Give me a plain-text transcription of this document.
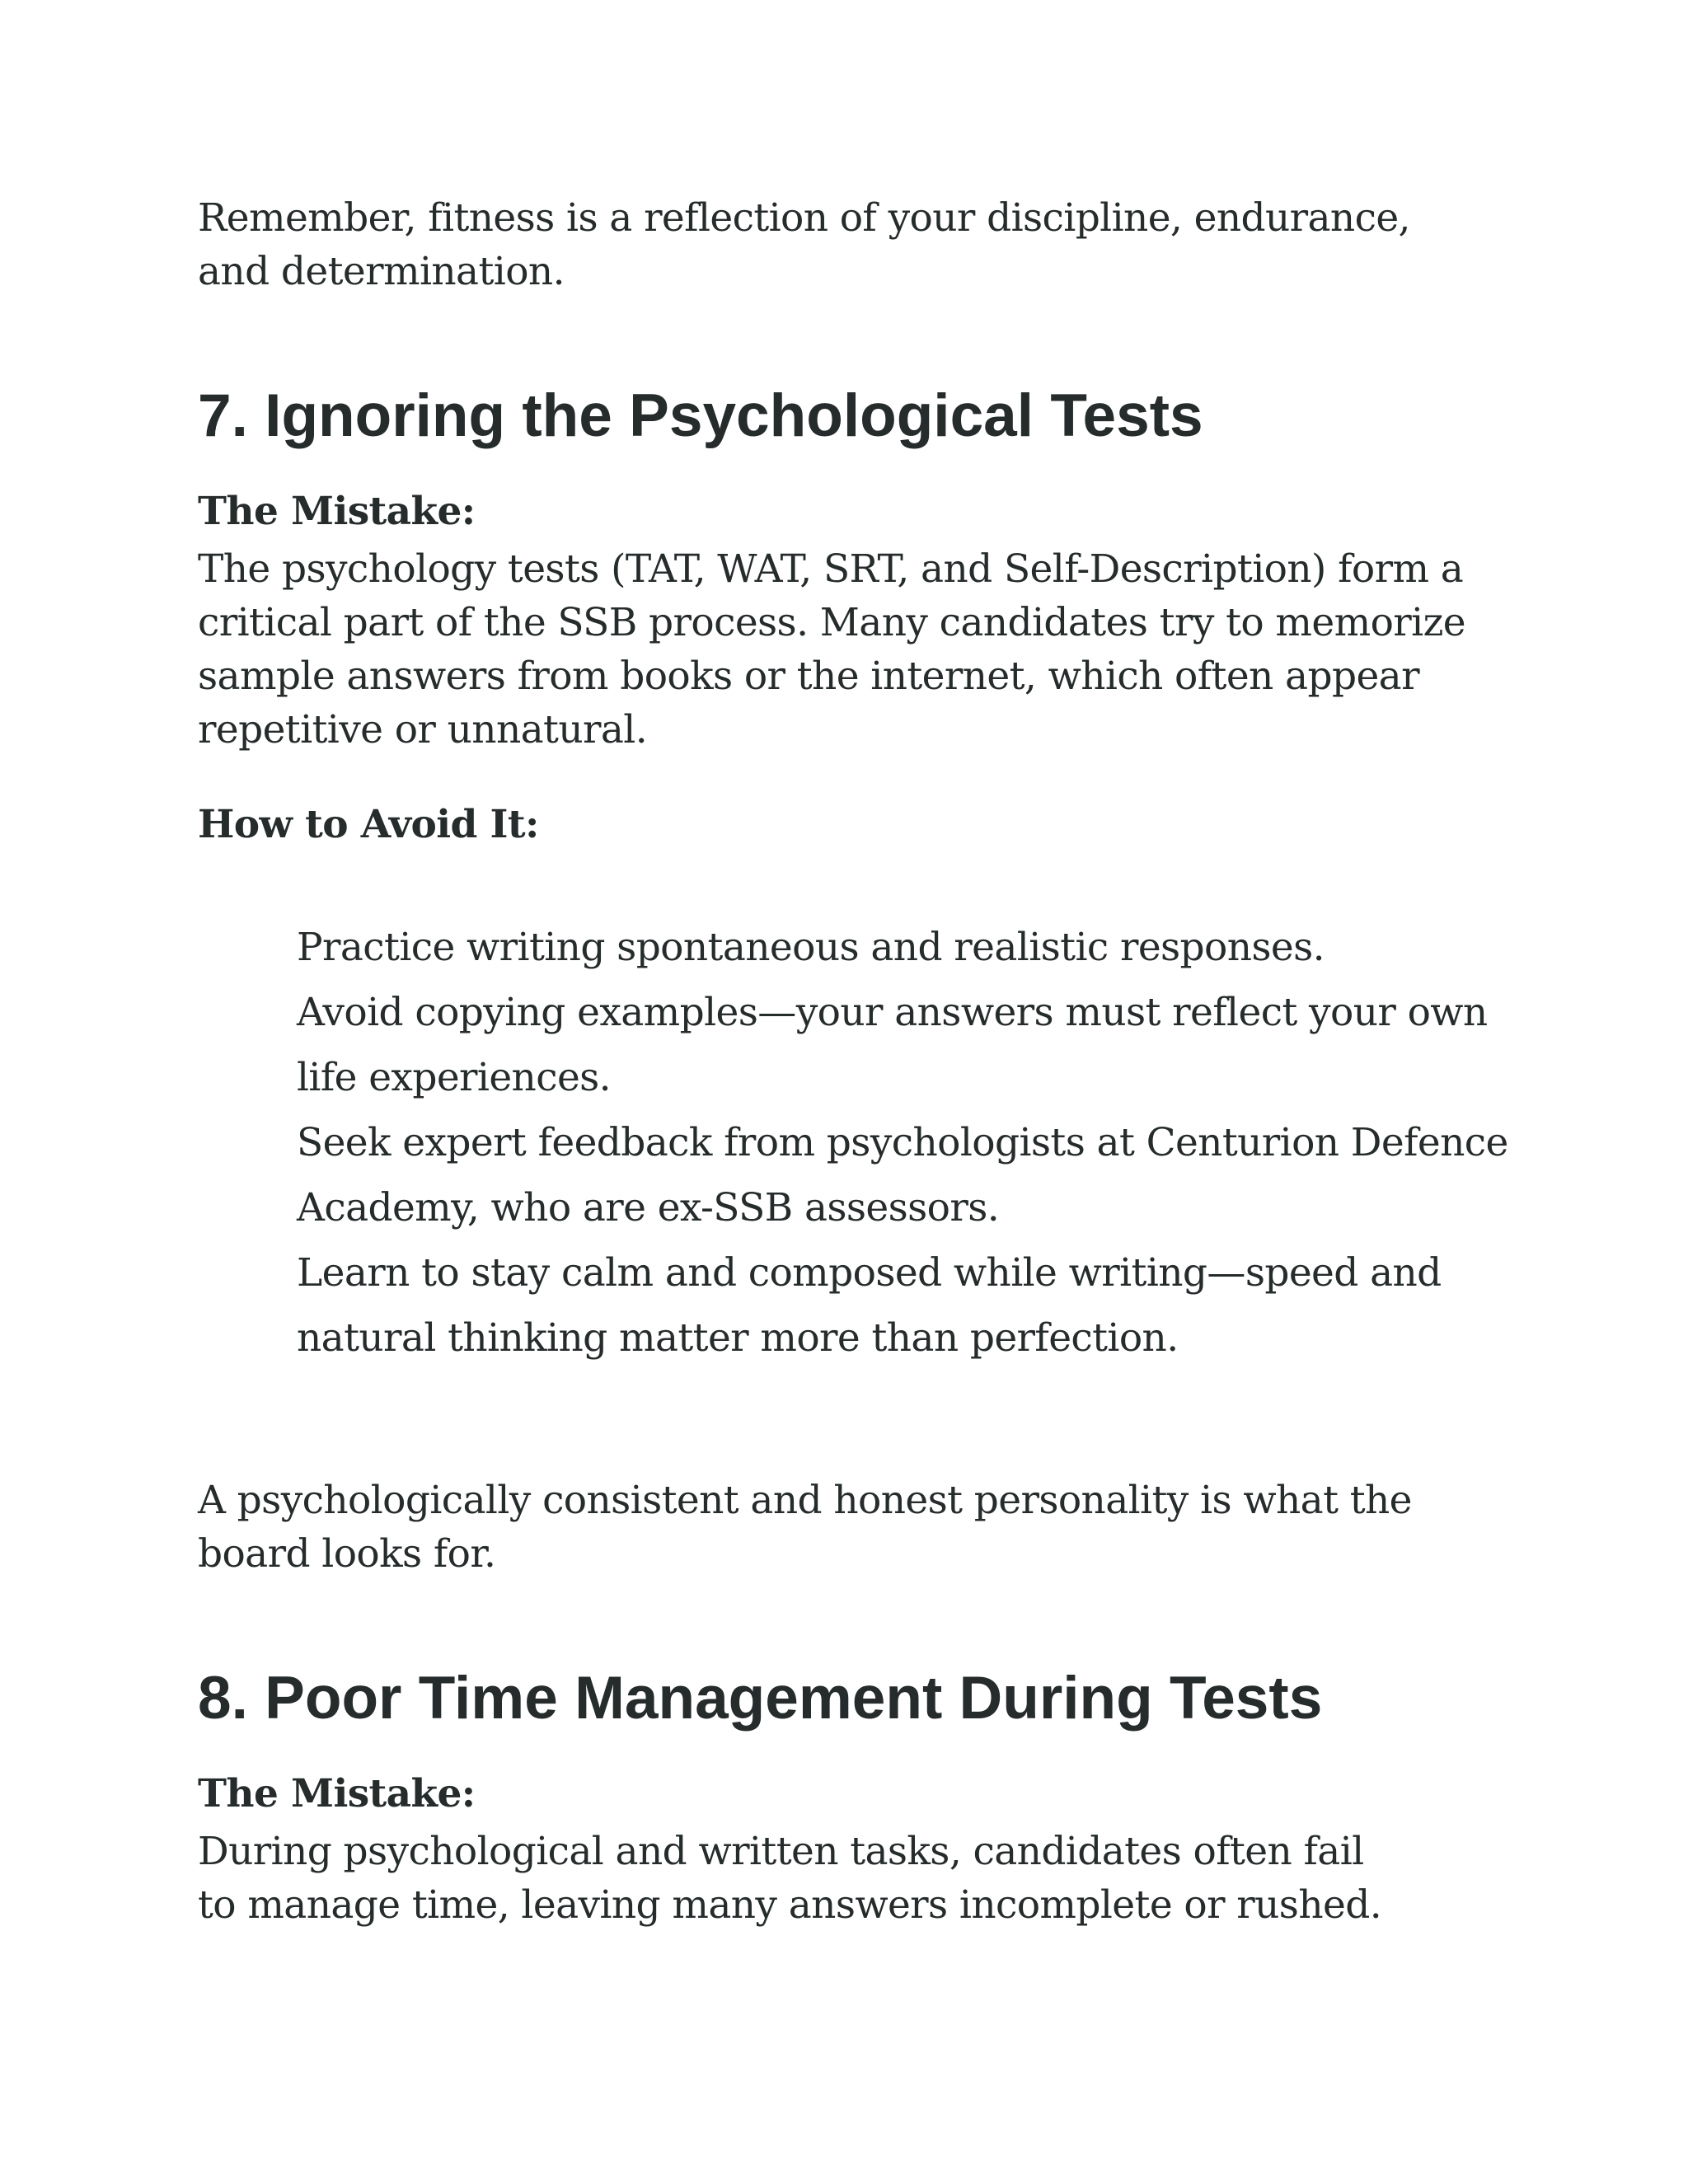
Remember, fitness is a reflection of your discipline, endurance, and determination.

7. Ignoring the Psychological Tests

The Mistake:

The psychology tests (TAT, WAT, SRT, and Self-Description) form a critical part of the SSB process. Many candidates try to memorize sample answers from books or the internet, which often appear repetitive or unnatural.

How to Avoid It:

Practice writing spontaneous and realistic responses.
Avoid copying examples—your answers must reflect your own life experiences.
Seek expert feedback from psychologists at Centurion Defence Academy, who are ex-SSB assessors.
Learn to stay calm and composed while writing—speed and natural thinking matter more than perfection.

A psychologically consistent and honest personality is what the board looks for.

8. Poor Time Management During Tests

The Mistake:

During psychological and written tasks, candidates often fail to manage time, leaving many answers incomplete or rushed.
